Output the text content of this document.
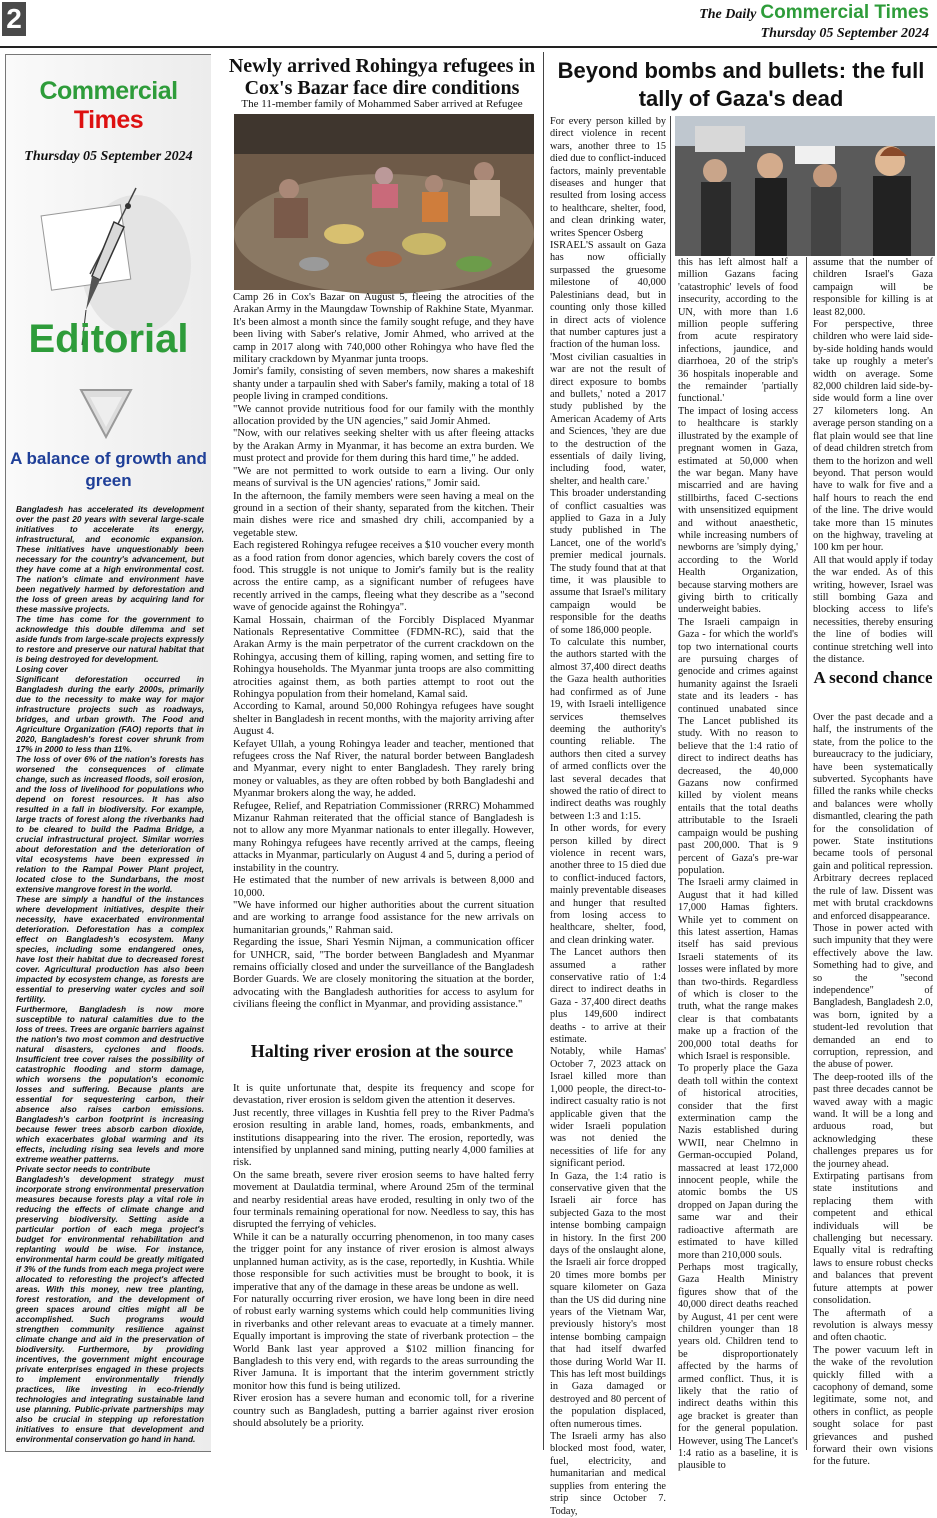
2	The Daily Commercial Times
Thursday 05 September 2024
Commercial Times
Thursday 05 September 2024
Editorial
A balance of growth and green

Bangladesh has accelerated its development over the past 20 years with several large-scale initiatives to accelerate its energy, infrastructural, and economic expansion. These initiatives have unquestionably been necessary for the country's advancement, but they have come at a high environmental cost. The nation's climate and environment have been negatively harmed by deforestation and the loss of green areas by acquiring land for these massive projects.

The time has come for the government to acknowledge this double dilemma and set aside funds from large-scale projects expressly to restore and preserve our natural habitat that is being destroyed for development.

Losing cover

Significant deforestation occurred in Bangladesh during the early 2000s, primarily due to the necessity to make way for major infrastructure projects such as roadways, bridges, and urban growth. The Food and Agriculture Organization (FAO) reports that in 2020, Bangladesh's forest cover shrunk from 17% in 2000 to less than 11%.

The loss of over 6% of the nation's forests has worsened the consequences of climate change, such as increased floods, soil erosion, and the loss of livelihood for populations who depend on forest resources. It has also resulted in a fall in biodiversity. For example, large tracts of forest along the riverbanks had to be cleared to build the Padma Bridge, a crucial infrastructural project. Similar worries about deforestation and the deterioration of vital ecosystems have been expressed in relation to the Rampal Power Plant project, located close to the Sundarbans, the most extensive mangrove forest in the world.

These are simply a handful of the instances where development initiatives, despite their necessity, have exacerbated environmental deterioration. Deforestation has a complex effect on Bangladesh's ecosystem. Many species, including some endangered ones, have lost their habitat due to decreased forest cover. Agricultural production has also been impacted by ecosystem change, as forests are essential to preserving water cycles and soil fertility.

Furthermore, Bangladesh is now more susceptible to natural calamities due to the loss of trees. Trees are organic barriers against the nation's two most common and destructive natural disasters, cyclones and floods. Insufficient tree cover raises the possibility of catastrophic flooding and storm damage, which worsens the population's economic losses and suffering. Because plants are essential for sequestering carbon, their absence also raises carbon emissions. Bangladesh's carbon footprint is increasing because fewer trees absorb carbon dioxide, which exacerbates global warming and its effects, including rising sea levels and more extreme weather patterns.

Private sector needs to contribute

Bangladesh's development strategy must incorporate strong environmental preservation measures because forests play a vital role in reducing the effects of climate change and preserving biodiversity. Setting aside a particular portion of each mega project's budget for environmental rehabilitation and replanting would be wise. For instance, environmental harm could be greatly mitigated if 3% of the funds from each mega project were allocated to reforesting the project's affected areas. With this money, new tree planting, forest restoration, and the development of green spaces around cities might all be accomplished. Such programs would strengthen community resilience against climate change and aid in the preservation of biodiversity. Furthermore, by providing incentives, the government might encourage private enterprises engaged in these projects to implement environmentally friendly practices, like investing in eco-friendly technologies and integrating sustainable land use planning. Public-private partnerships may also be crucial in stepping up reforestation initiatives to ensure that development and environmental conservation go hand in hand.

Newly arrived Rohingya refugees in Cox's Bazar face dire conditions
The 11-member family of Mohammed Saber arrived at Refugee

Camp 26 in Cox's Bazar on August 5, fleeing the atrocities of the Arakan Army in the Maungdaw Township of Rakhine State, Myanmar.

It's been almost a month since the family sought refuge, and they have been living with Saber's relative, Jomir Ahmed, who arrived at the camp in 2017 along with 740,000 other Rohingya who have fled the military crackdown by Myanmar junta troops.

Jomir's family, consisting of seven members, now shares a makeshift shanty under a tarpaulin shed with Saber's family, making a total of 18 people living in cramped conditions.

"We cannot provide nutritious food for our family with the monthly allocation provided by the UN agencies," said Jomir Ahmed.

"Now, with our relatives seeking shelter with us after fleeing attacks by the Arakan Army in Myanmar, it has become an extra burden. We must protect and provide for them during this hard time," he added.

"We are not permitted to work outside to earn a living. Our only means of survival is the UN agencies' rations," Jomir said.

In the afternoon, the family members were seen having a meal on the ground in a section of their shanty, separated from the kitchen. Their main dishes were rice and smashed dry chili, accompanied by a vegetable stew.

Each registered Rohingya refugee receives a $10 voucher every month as a food ration from donor agencies, which barely covers the cost of food. This struggle is not unique to Jomir's family but is the reality across the entire camp, as a significant number of refugees have recently arrived in the camps, fleeing what they describe as a "second wave of genocide against the Rohingya".

Kamal Hossain, chairman of the Forcibly Displaced Myanmar Nationals Representative Committee (FDMN-RC), said that the Arakan Army is the main perpetrator of the current crackdown on the Rohingya, accusing them of killing, raping women, and setting fire to Rohingya households. The Myanmar junta troops are also committing atrocities against them, as both parties attempt to root out the Rohingya population from their homeland, Kamal said.

According to Kamal, around 50,000 Rohingya refugees have sought shelter in Bangladesh in recent months, with the majority arriving after August 4.

Kefayet Ullah, a young Rohingya leader and teacher, mentioned that refugees cross the Naf River, the natural border between Bangladesh and Myanmar, every night to enter Bangladesh. They rarely bring money or valuables, as they are often robbed by both Bangladeshi and Myanmar brokers along the way, he added.

Refugee, Relief, and Repatriation Commissioner (RRRC) Mohammed Mizanur Rahman reiterated that the official stance of Bangladesh is not to allow any more Myanmar nationals to enter illegally. However, many Rohingya refugees have recently arrived at the camps, fleeing attacks in Myanmar, particularly on August 4 and 5, during a period of instability in the country.

He estimated that the number of new arrivals is between 8,000 and 10,000.

"We have informed our higher authorities about the current situation and are working to arrange food assistance for the new arrivals on humanitarian grounds," Rahman said.

Regarding the issue, Shari Yesmin Nijman, a communication officer for UNHCR, said, "The border between Bangladesh and Myanmar remains officially closed and under the surveillance of the Bangladesh Border Guards. We are closely monitoring the situation at the border, advocating with the Bangladesh authorities for access to asylum for civilians fleeing the conflict in Myanmar, and providing assistance."

Halting river erosion at the source

It is quite unfortunate that, despite its frequency and scope for devastation, river erosion is seldom given the attention it deserves.

Just recently, three villages in Kushtia fell prey to the River Padma's erosion resulting in arable land, homes, roads, embankments, and institutions disappearing into the river. The erosion, reportedly, was intensified by unplanned sand mining, putting nearly 4,000 families at risk.

On the same breath, severe river erosion seems to have halted ferry movement at Daulatdia terminal, where Around 25m of the terminal and nearby residential areas have eroded, resulting in only two of the four terminals remaining operational for now. Needless to say, this has disrupted the ferrying of vehicles.

While it can be a naturally occurring phenomenon, in too many cases the trigger point for any instance of river erosion is almost always unplanned human activity, as is the case, reportedly, in Kushtia. While those responsible for such activities must be brought to book, it is imperative that any of the damage in these areas be undone as well.

For naturally occurring river erosion, we have long been in dire need of robust early warning systems which could help communities living in riverbanks and other relevant areas to evacuate at a timely manner. Equally important is improving the state of riverbank protection – the World Bank last year approved a $102 million financing for Bangladesh to this very end, with regards to the areas surrounding the River Jamuna. It is important that the interim government strictly monitor how this fund is being utilized.

River erosion has a severe human and economic toll, for a riverine country such as Bangladesh, putting a barrier against river erosion should absolutely be a priority.

Beyond bombs and bullets: the full tally of Gaza's dead

For every person killed by direct violence in recent wars, another three to 15 died due to conflict-induced factors, mainly preventable diseases and hunger that resulted from losing access to healthcare, shelter, food, and clean drinking water, writes Spencer Osberg

ISRAEL'S assault on Gaza has now officially surpassed the gruesome milestone of 40,000 Palestinians dead, but in counting only those killed in direct acts of violence that number captures just a fraction of the human loss.

'Most civilian casualties in war are not the result of direct exposure to bombs and bullets,' noted a 2017 study published by the American Academy of Arts and Sciences, 'they are due to the destruction of the essentials of daily living, including food, water, shelter, and health care.'

This broader understanding of conflict casualties was applied to Gaza in a July study published in The Lancet, one of the world's premier medical journals. The study found that at that time, it was plausible to assume that Israel's military campaign would be responsible for the deaths of some 186,000 people.

To calculate this number, the authors started with the almost 37,400 direct deaths the Gaza health authorities had confirmed as of June 19, with Israeli intelligence services themselves deeming the authority's counting reliable. The authors then cited a survey of armed conflicts over the last several decades that showed the ratio of direct to indirect deaths was roughly between 1:3 and 1:15.

In other words, for every person killed by direct violence in recent wars, another three to 15 died due to conflict-induced factors, mainly preventable diseases and hunger that resulted from losing access to healthcare, shelter, food, and clean drinking water.

The Lancet authors then assumed a rather conservative ratio of 1:4 direct to indirect deaths in Gaza - 37,400 direct deaths plus 149,600 indirect deaths - to arrive at their estimate.

Notably, while Hamas' October 7, 2023 attack on Israel killed more than 1,000 people, the direct-to-indirect casualty ratio is not applicable given that the wider Israeli population was not denied the necessities of life for any significant period.

In Gaza, the 1:4 ratio is conservative given that the Israeli air force has subjected Gaza to the most intense bombing campaign in history. In the first 200 days of the onslaught alone, the Israeli air force dropped 20 times more bombs per square kilometer on Gaza than the US did during nine years of the Vietnam War, previously history's most intense bombing campaign that had itself dwarfed those during World War II. This has left most buildings in Gaza damaged or destroyed and 80 percent of the population displaced, often numerous times.

The Israeli army has also blocked most food, water, fuel, electricity, and humanitarian and medical supplies from entering the strip since October 7. Today,

this has left almost half a million Gazans facing 'catastrophic' levels of food insecurity, according to the UN, with more than 1.6 million people suffering from acute respiratory infections, jaundice, and diarrhoea, 20 of the strip's 36 hospitals inoperable and the remainder 'partially functional.'

The impact of losing access to healthcare is starkly illustrated by the example of pregnant women in Gaza, estimated at 50,000 when the war began. Many have miscarried and are having stillbirths, faced C-sections with unsensitized equipment and without anaesthetic, while increasing numbers of newborns are 'simply dying,' according to the World Health Organization, because starving mothers are giving birth to critically underweight babies.

The Israeli campaign in Gaza - for which the world's top two international courts are pursuing charges of genocide and crimes against humanity against the Israeli state and its leaders - has continued unabated since The Lancet published its study. With no reason to believe that the 1:4 ratio of direct to indirect deaths has decreased, the 40,000 Gazans now confirmed killed by violent means entails that the total deaths attributable to the Israeli campaign would be pushing past 200,000. That is 9 percent of Gaza's pre-war population.

The Israeli army claimed in August that it had killed 17,000 Hamas fighters. While yet to comment on this latest assertion, Hamas itself has said previous Israeli statements of its losses were inflated by more than two-thirds. Regardless of which is closer to the truth, what the range makes clear is that combatants make up a fraction of the 200,000 total deaths for which Israel is responsible.

To properly place the Gaza death toll within the context of historical atrocities, consider that the first extermination camp the Nazis established during WWII, near Chelmno in German-occupied Poland, massacred at least 172,000 innocent people, while the atomic bombs the US dropped on Japan during the same war and their radioactive aftermath are estimated to have killed more than 210,000 souls.

Perhaps most tragically, Gaza Health Ministry figures show that of the 40,000 direct deaths reached by August, 41 per cent were children younger than 18 years old. Children tend to be disproportionately affected by the harms of armed conflict. Thus, it is likely that the ratio of indirect deaths within this age bracket is greater than for the general population. However, using The Lancet's 1:4 ratio as a baseline, it is plausible to

assume that the number of children Israel's Gaza campaign will be responsible for killing is at least 82,000.

For perspective, three children who were laid side-by-side holding hands would take up roughly a meter's width on average. Some 82,000 children laid side-by-side would form a line over 27 kilometers long. An average person standing on a flat plain would see that line of dead children stretch from them to the horizon and well beyond. That person would have to walk for five and a half hours to reach the end of the line. The drive would take more than 15 minutes on the highway, traveling at 100 km per hour.

All that would apply if today the war ended. As of this writing, however, Israel was still bombing Gaza and blocking access to life's necessities, thereby ensuring the line of bodies will continue stretching well into the distance.

A second chance

Over the past decade and a half, the instruments of the state, from the police to the bureaucracy to the judiciary, have been systematically subverted. Sycophants have filled the ranks while checks and balances were wholly dismantled, clearing the path for the consolidation of power. State institutions became tools of personal gain and political repression. Arbitrary decrees replaced the rule of law. Dissent was met with brutal crackdowns and enforced disappearance.

Those in power acted with such impunity that they were effectively above the law. Something had to give, and so the "second independence" of Bangladesh, Bangladesh 2.0, was born, ignited by a student-led revolution that demanded an end to corruption, repression, and the abuse of power.

The deep-rooted ills of the past three decades cannot be waved away with a magic wand. It will be a long and arduous road, but acknowledging these challenges prepares us for the journey ahead.

Extirpating partisans from state institutions and replacing them with competent and ethical individuals will be challenging but necessary. Equally vital is redrafting laws to ensure robust checks and balances that prevent future attempts at power consolidation.

The aftermath of a revolution is always messy and often chaotic.

The power vacuum left in the wake of the revolution quickly filled with a cacophony of demand, some legitimate, some not, and others in conflict, as people sought solace for past grievances and pushed forward their own visions for the future.
